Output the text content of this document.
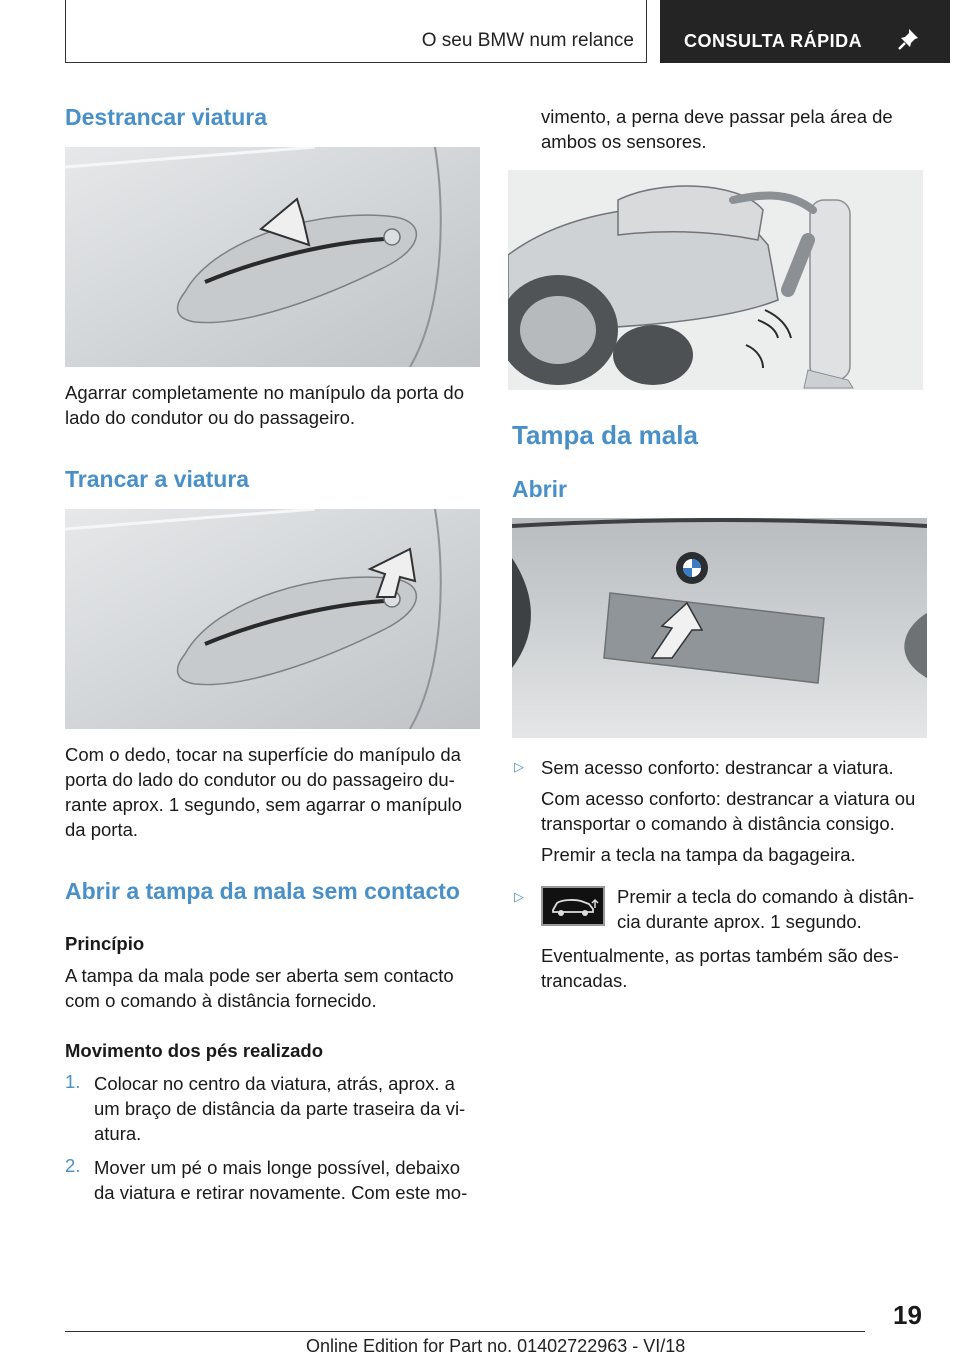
O seu BMW num relance	CONSULTA RÁPIDA
Destrancar viatura

Agarrar completamente no manípulo da porta do

lado do condutor ou do passageiro.

Trancar a viatura

Com o dedo, tocar na superfície do manípulo da

porta do lado do condutor ou do passageiro du-

rante aprox. 1 segundo, sem agarrar o manípulo

da porta.

Abrir a tampa da mala sem contacto
Princípio

A tampa da mala pode ser aberta sem contacto

com o comando à distância fornecido.

Movimento dos pés realizado
1. Colocar no centro da viatura, atrás, aprox. a

um braço de distância da parte traseira da vi-

atura.

2. Mover um pé o mais longe possível, debaixo

da viatura e retirar novamente. Com este mo-

vimento, a perna deve passar pela área de

ambos os sensores.

Tampa da mala
Abrir
▷ Sem acesso conforto: destrancar a viatura.

Com acesso conforto: destrancar a viatura ou

transportar o comando à distância consigo.

Premir a tecla na tampa da bagageira.

▷	Premir a tecla do comando à distân-

cia durante aprox. 1 segundo.

Eventualmente, as portas também são des-

trancadas.

19
Online Edition for Part no. 01402722963 - VI/18
